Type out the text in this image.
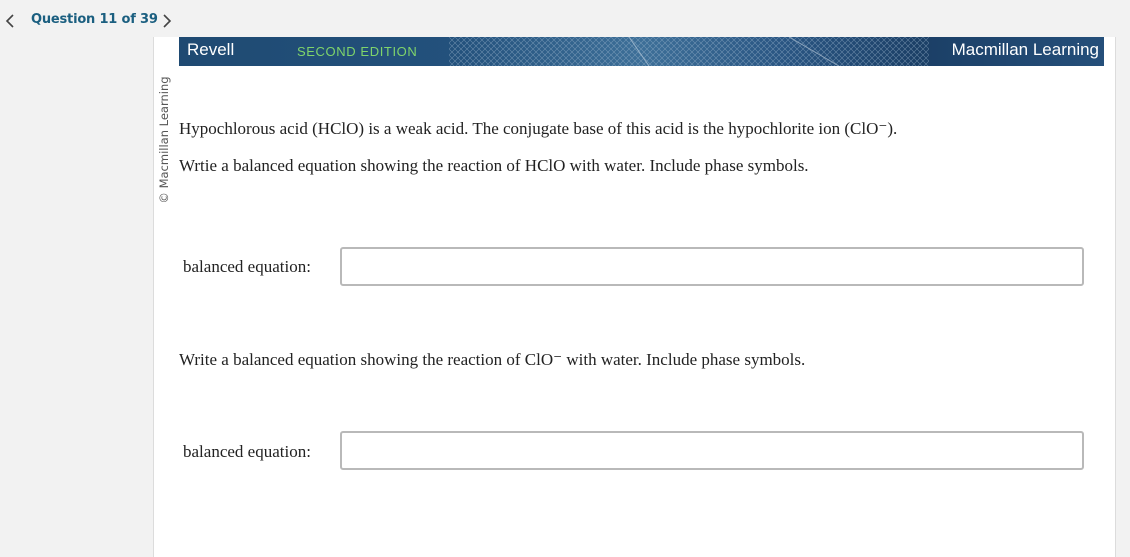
Question 11 of 39
Revell	SECOND EDITION	Macmillan Learning
© Macmillan Learning Hypochlorous acid (HClO) is a weak acid. The conjugate base of this acid is the hypochlorite ion (ClO⁻).
Wrtie a balanced equation showing the reaction of HClO with water. Include phase symbols.
balanced equation:
Write a balanced equation showing the reaction of ClO⁻ with water. Include phase symbols.
balanced equation:
